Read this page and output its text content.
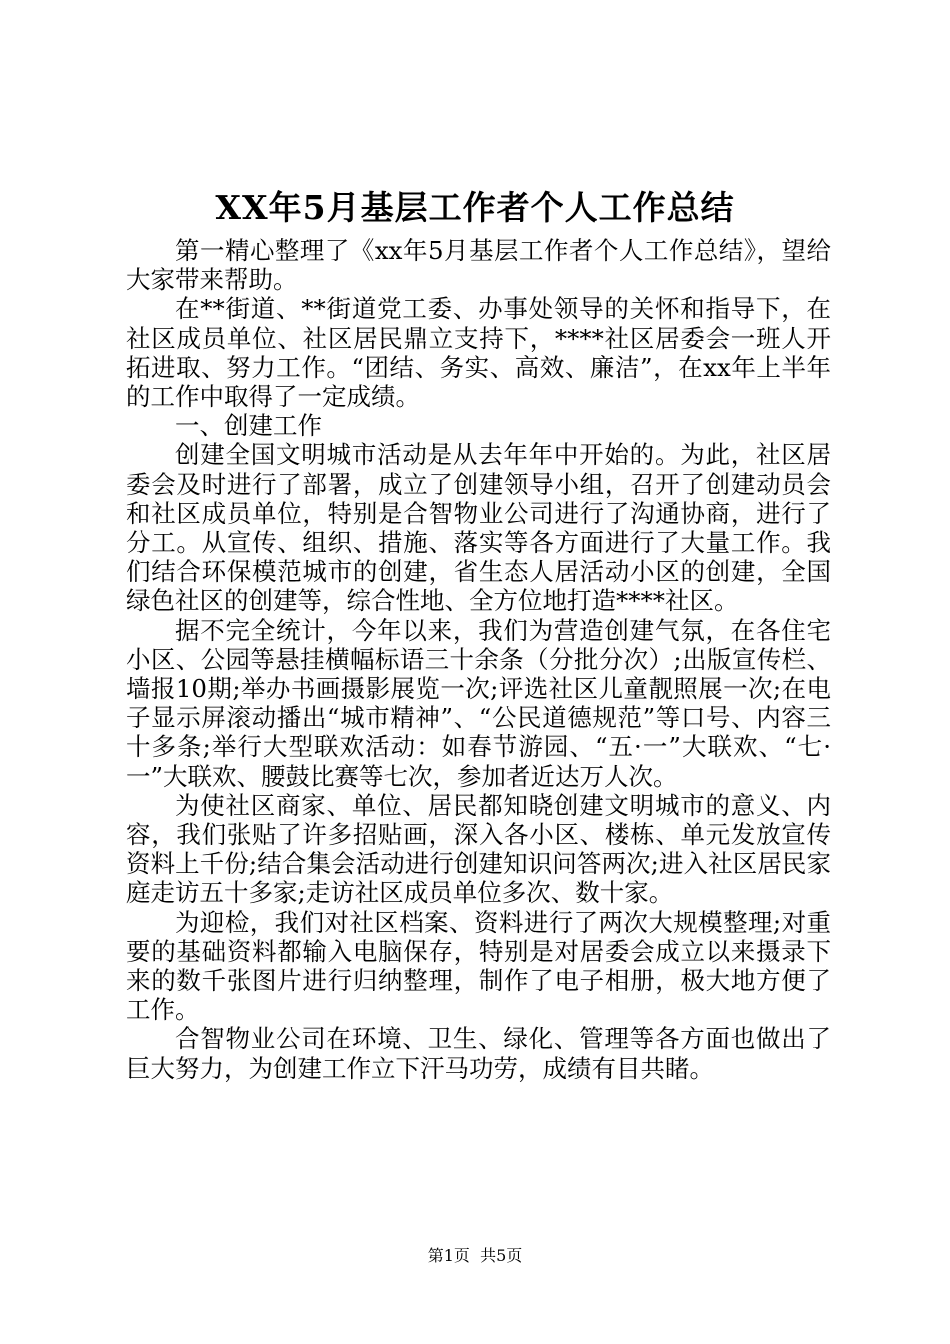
XX年5月基层工作者个人工作总结

第一精心整理了《xx年5月基层工作者个人工作总结》，望给大家带来帮助。

在**街道、**街道党工委、办事处领导的关怀和指导下，在社区成员单位、社区居民鼎立支持下，****社区居委会一班人开拓进取、努力工作。“团结、务实、高效、廉洁”，在xx年上半年的工作中取得了一定成绩。

一、创建工作

创建全国文明城市活动是从去年年中开始的。为此，社区居委会及时进行了部署，成立了创建领导小组，召开了创建动员会和社区成员单位，特别是合智物业公司进行了沟通协商，进行了分工。从宣传、组织、措施、落实等各方面进行了大量工作。我们结合环保模范城市的创建，省生态人居活动小区的创建，全国绿色社区的创建等，综合性地、全方位地打造****社区。

据不完全统计，今年以来，我们为营造创建气氛，在各住宅小区、公园等悬挂横幅标语三十余条（分批分次）;出版宣传栏、墙报10期;举办书画摄影展览一次;评选社区儿童靓照展一次;在电子显示屏滚动播出“城市精神”、“公民道德规范”等口号、内容三十多条;举行大型联欢活动：如春节游园、“五·一”大联欢、“七·一”大联欢、腰鼓比赛等七次，参加者近达万人次。

为使社区商家、单位、居民都知晓创建文明城市的意义、内容，我们张贴了许多招贴画，深入各小区、楼栋、单元发放宣传资料上千份;结合集会活动进行创建知识问答两次;进入社区居民家庭走访五十多家;走访社区成员单位多次、数十家。

为迎检，我们对社区档案、资料进行了两次大规模整理;对重要的基础资料都输入电脑保存，特别是对居委会成立以来摄录下来的数千张图片进行归纳整理，制作了电子相册，极大地方便了工作。

合智物业公司在环境、卫生、绿化、管理等各方面也做出了巨大努力，为创建工作立下汗马功劳，成绩有目共睹。

第1页 共5页
